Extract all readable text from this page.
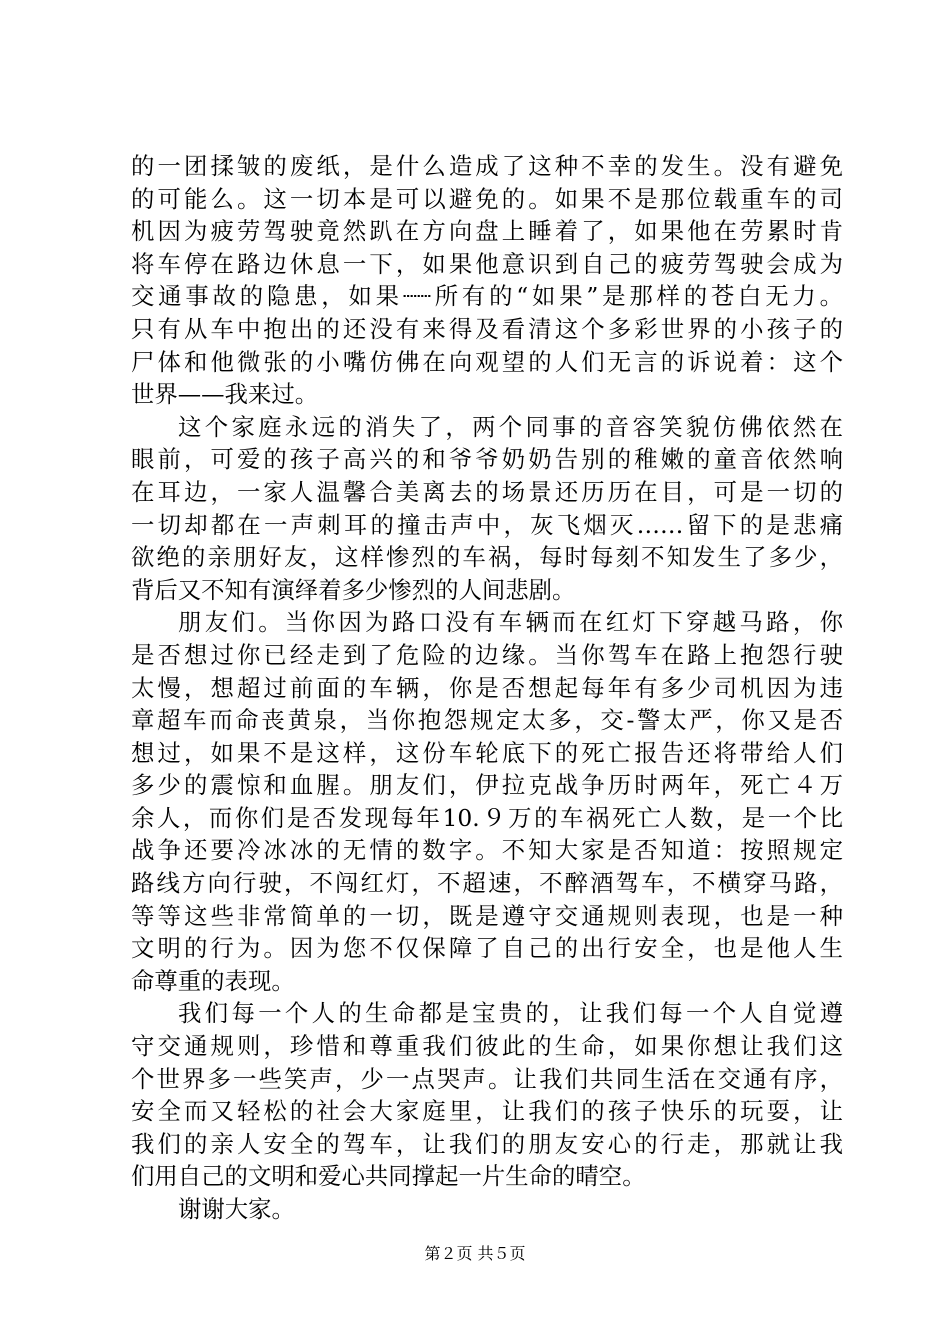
的一团揉皱的废纸，是什么造成了这种不幸的发生。没有避免
的可能么。这一切本是可以避免的。如果不是那位载重车的司
机因为疲劳驾驶竟然趴在方向盘上睡着了，如果他在劳累时肯
将车停在路边休息一下，如果他意识到自己的疲劳驾驶会成为
交通事故的隐患，如果┈┈所有的“如果”是那样的苍白无力。
只有从车中抱出的还没有来得及看清这个多彩世界的小孩子的
尸体和他微张的小嘴仿佛在向观望的人们无言的诉说着：这个
世界——我来过。
这个家庭永远的消失了，两个同事的音容笑貌仿佛依然在
眼前，可爱的孩子高兴的和爷爷奶奶告别的稚嫩的童音依然响
在耳边，一家人温馨合美离去的场景还历历在目，可是一切的
一切却都在一声刺耳的撞击声中，灰飞烟灭……留下的是悲痛
欲绝的亲朋好友，这样惨烈的车祸，每时每刻不知发生了多少，
背后又不知有演绎着多少惨烈的人间悲剧。
朋友们。当你因为路口没有车辆而在红灯下穿越马路，你
是否想过你已经走到了危险的边缘。当你驾车在路上抱怨行驶
太慢，想超过前面的车辆，你是否想起每年有多少司机因为违
章超车而命丧黄泉，当你抱怨规定太多，交-警太严，你又是否
想过，如果不是这样，这份车轮底下的死亡报告还将带给人们
多少的震惊和血腥。朋友们，伊拉克战争历时两年，死亡４万
余人，而你们是否发现每年10.９万的车祸死亡人数，是一个比
战争还要冷冰冰的无情的数字。不知大家是否知道：按照规定
路线方向行驶，不闯红灯，不超速，不醉酒驾车，不横穿马路，
等等这些非常简单的一切，既是遵守交通规则表现，也是一种
文明的行为。因为您不仅保障了自己的出行安全，也是他人生
命尊重的表现。
我们每一个人的生命都是宝贵的，让我们每一个人自觉遵
守交通规则，珍惜和尊重我们彼此的生命，如果你想让我们这
个世界多一些笑声，少一点哭声。让我们共同生活在交通有序，
安全而又轻松的社会大家庭里，让我们的孩子快乐的玩耍，让
我们的亲人安全的驾车，让我们的朋友安心的行走，那就让我
们用自己的文明和爱心共同撑起一片生命的晴空。
谢谢大家。
第２页 共５页
